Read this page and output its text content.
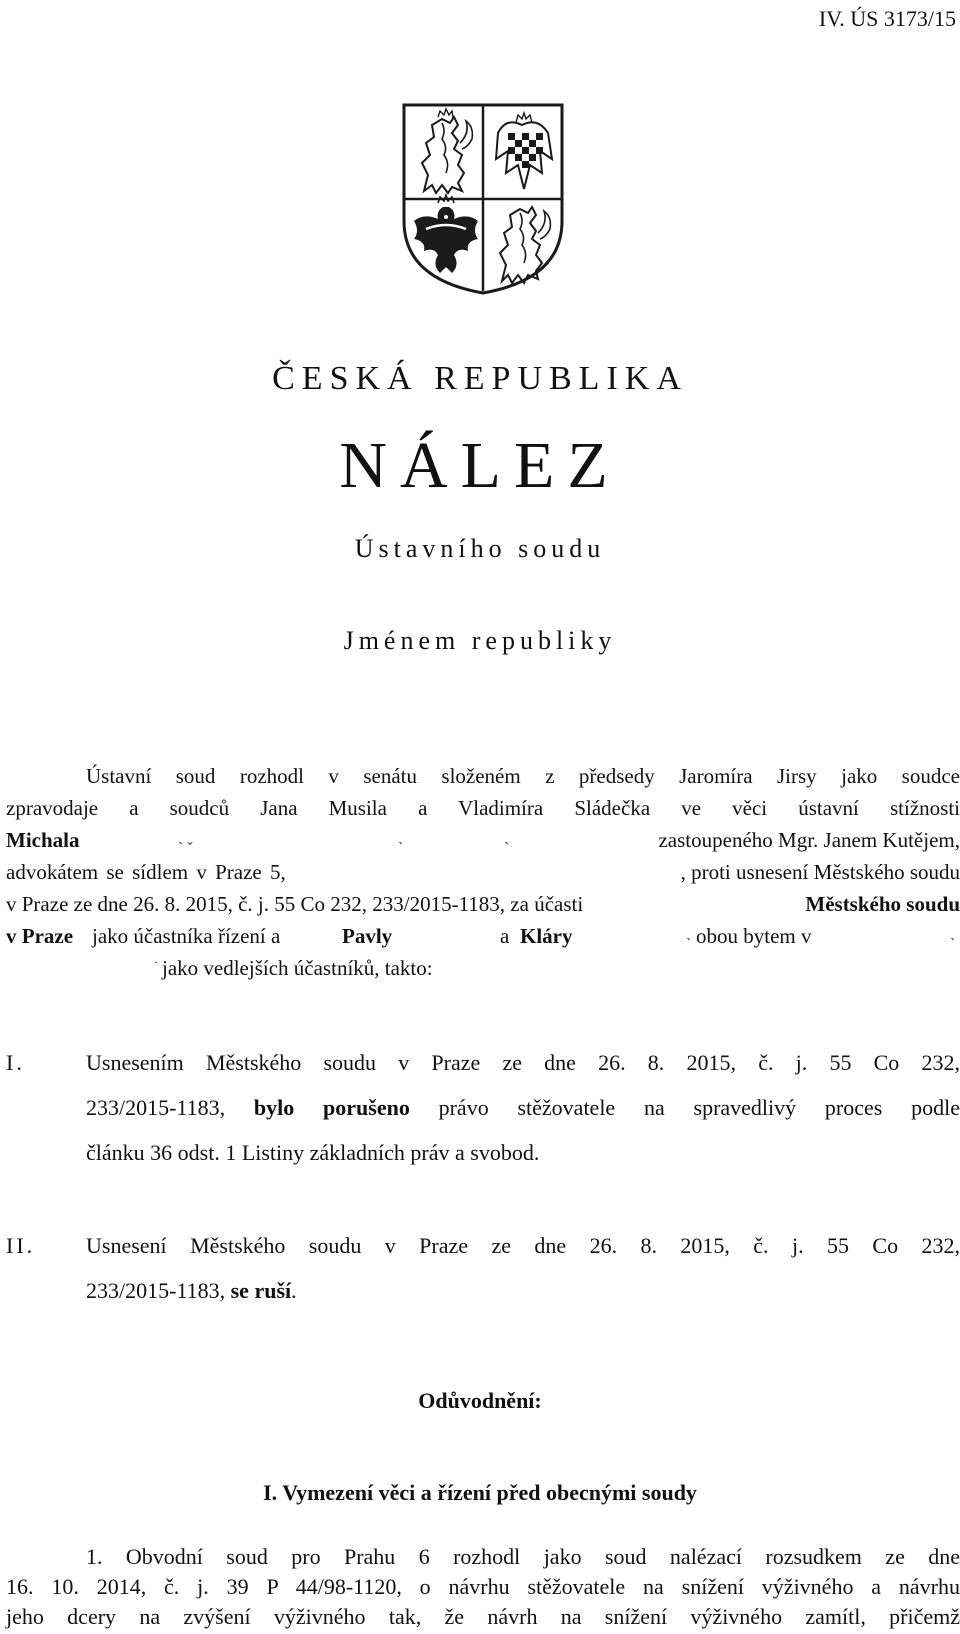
IV. ÚS 3173/15
ČESKÁ REPUBLIKA
NÁLEZ
Ústavního soudu
Jménem republiky
Ústavní soud rozhodl v senátu složeném z předsedy Jaromíra Jirsy jako soudce
zpravodaje a soudců Jana Musila a Vladimíra Sládečka ve věci ústavní stížnosti
Michala	ˏ ˬ	ˏ	ˏ	zastoupeného Mgr. Janem Kutějem,
advokátem se sídlem v Praze 5,	, proti usnesení Městského soudu
v Praze ze dne 26. 8. 2015, č. j. 55 Co 232, 233/2015-1183, za účasti	Městského soudu
v Praze jako účastníka řízení a	Pavly	a Kláry	ˏ obou bytem v	ˏ
ˑ jako vedlejších účastníků, takto:
I.	Usnesením Městského soudu v Praze ze dne 26. 8. 2015, č. j. 55 Co 232,
233/2015-1183, bylo porušeno právo stěžovatele na spravedlivý proces podle
článku 36 odst. 1 Listiny základních práv a svobod.
II. Usnesení Městského soudu v Praze ze dne 26. 8. 2015, č. j. 55 Co 232,
233/2015-1183, se ruší.
Odůvodnění:
I. Vymezení věci a řízení před obecnými soudy
1. Obvodní soud pro Prahu 6 rozhodl jako soud nalézací rozsudkem ze dne
16. 10. 2014, č. j. 39 P 44/98-1120, o návrhu stěžovatele na snížení výživného a návrhu
jeho dcery na zvýšení výživného tak, že návrh na snížení výživného zamítl, přičemž
